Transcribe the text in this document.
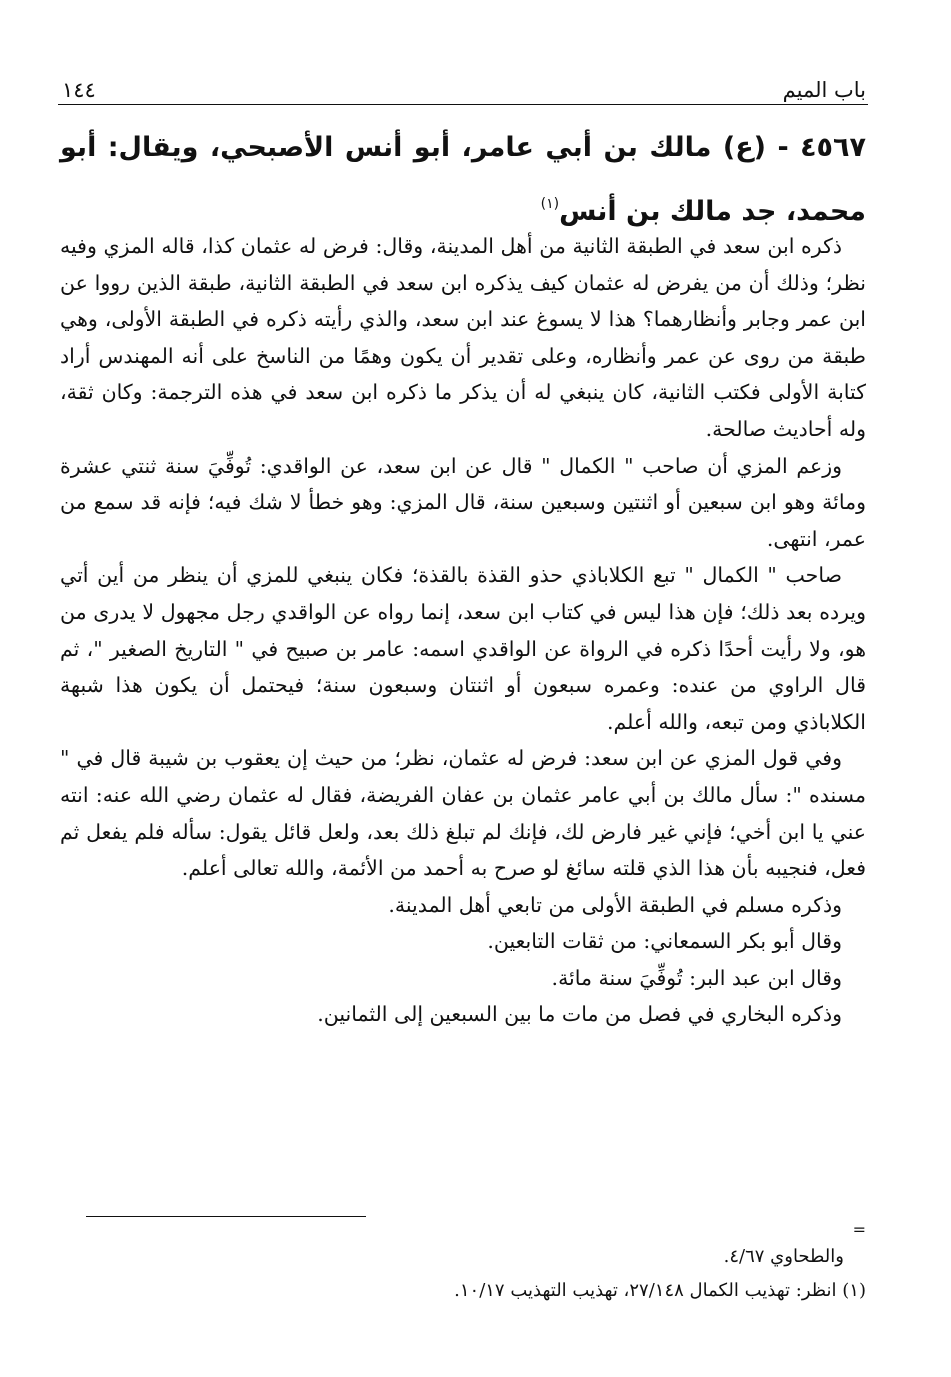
باب الميم
١٤٤
٤٥٦٧ - (ع) مالك بن أبي عامر، أبو أنس الأصبحي، ويقال: أبو محمد، جد مالك بن أنس$^{(١)}$

ذكره ابن سعد في الطبقة الثانية من أهل المدينة، وقال: فرض له عثمان كذا، قاله المزي وفيه نظر؛ وذلك أن من يفرض له عثمان كيف يذكره ابن سعد في الطبقة الثانية، طبقة الذين رووا عن ابن عمر وجابر وأنظارهما؟ هذا لا يسوغ عند ابن سعد، والذي رأيته ذكره في الطبقة الأولى، وهي طبقة من روى عن عمر وأنظاره، وعلى تقدير أن يكون وهمًا من الناسخ على أنه المهندس أراد كتابة الأولى فكتب الثانية، كان ينبغي له أن يذكر ما ذكره ابن سعد في هذه الترجمة: وكان ثقة، وله أحاديث صالحة.

وزعم المزي أن صاحب " الكمال " قال عن ابن سعد، عن الواقدي: تُوفِّيَ سنة ثنتي عشرة ومائة وهو ابن سبعين أو اثنتين وسبعين سنة، قال المزي: وهو خطأ لا شك فيه؛ فإنه قد سمع من عمر، انتهى.

صاحب " الكمال " تبع الكلاباذي حذو القذة بالقذة؛ فكان ينبغي للمزي أن ينظر من أين أتي ويرده بعد ذلك؛ فإن هذا ليس في كتاب ابن سعد، إنما رواه عن الواقدي رجل مجهول لا يدرى من هو، ولا رأيت أحدًا ذكره في الرواة عن الواقدي اسمه: عامر بن صبيح في " التاريخ الصغير "، ثم قال الراوي من عنده: وعمره سبعون أو اثنتان وسبعون سنة؛ فيحتمل أن يكون هذا شبهة الكلاباذي ومن تبعه، والله أعلم.

وفي قول المزي عن ابن سعد: فرض له عثمان، نظر؛ من حيث إن يعقوب بن شيبة قال في " مسنده ": سأل مالك بن أبي عامر عثمان بن عفان الفريضة، فقال له عثمان رضي الله عنه: انته عني يا ابن أخي؛ فإني غير فارض لك، فإنك لم تبلغ ذلك بعد، ولعل قائل يقول: سأله فلم يفعل ثم فعل، فنجيبه بأن هذا الذي قلته سائغ لو صرح به أحمد من الأئمة، والله تعالى أعلم.

وذكره مسلم في الطبقة الأولى من تابعي أهل المدينة.

وقال أبو بكر السمعاني: من ثقات التابعين.

وقال ابن عبد البر: تُوفِّيَ سنة مائة.

وذكره البخاري في فصل من مات ما بين السبعين إلى الثمانين.

=

والطحاوي ٤/٦٧.

(١) انظر: تهذيب الكمال ٢٧/١٤٨، تهذيب التهذيب ١٠/١٧.
